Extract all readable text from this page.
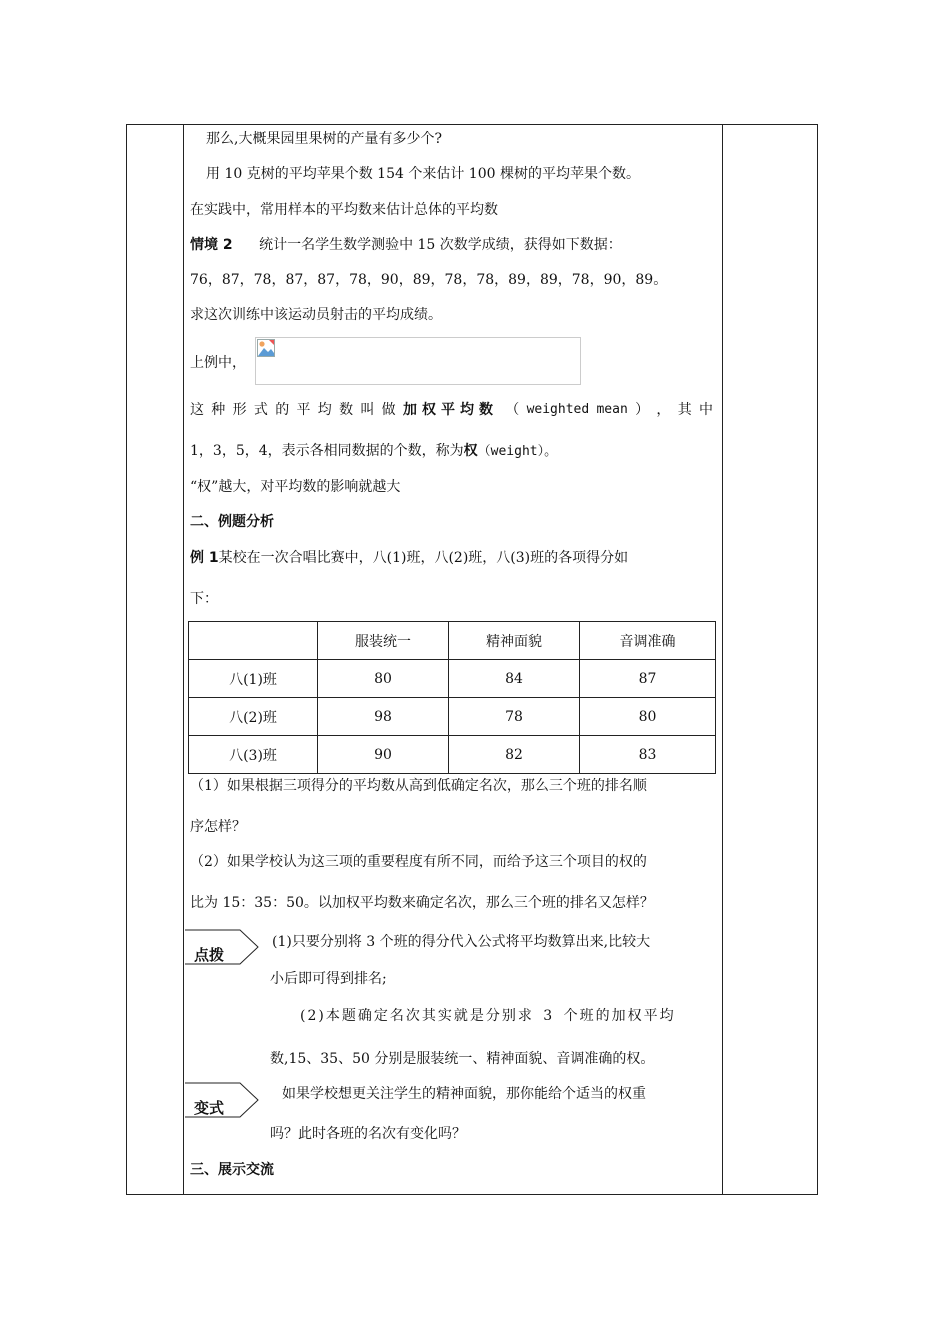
那么,大概果园里果树的产量有多少个?
用 10 克树的平均苹果个数 154 个来估计 100 棵树的平均苹果个数。
在实践中，常用样本的平均数来估计总体的平均数
情境 2 统计一名学生数学测验中 15 次数学成绩，获得如下数据：
76，87，78，87，87，78，90，89，78，78，89，89，78，90，89。
求这次训练中该运动员射击的平均成绩。
上例中，
这 种 形 式 的 平 均 数 叫 做 加权平均数 （ weighted mean ） ， 其 中
1，3，5，4，表示各相同数据的个数，称为权（weight）。
“权”越大，对平均数的影响就越大
二、例题分析
例 1某校在一次合唱比赛中，八(1)班，八(2)班，八(3)班的各项得分如
下：
	服装统一	精神面貌	音调准确
八(1)班	80	84	87
八(2)班	98	78	80
八(3)班	90	82	83
（1）如果根据三项得分的平均数从高到低确定名次，那么三个班的排名顺
序怎样？
（2）如果学校认为这三项的重要程度有所不同，而给予这三个项目的权的
比为 15：35：50。以加权平均数来确定名次，那么三个班的排名又怎样？
(1)只要分别将 3 个班的得分代入公式将平均数算出来,比较大
小后即可得到排名;
(2)本题确定名次其实就是分别求 3 个班的加权平均
数,15、35、50 分别是服装统一、精神面貌、音调准确的权。
如果学校想更关注学生的精神面貌，那你能给个适当的权重
吗？此时各班的名次有变化吗？
三、展示交流
点拨
变式
